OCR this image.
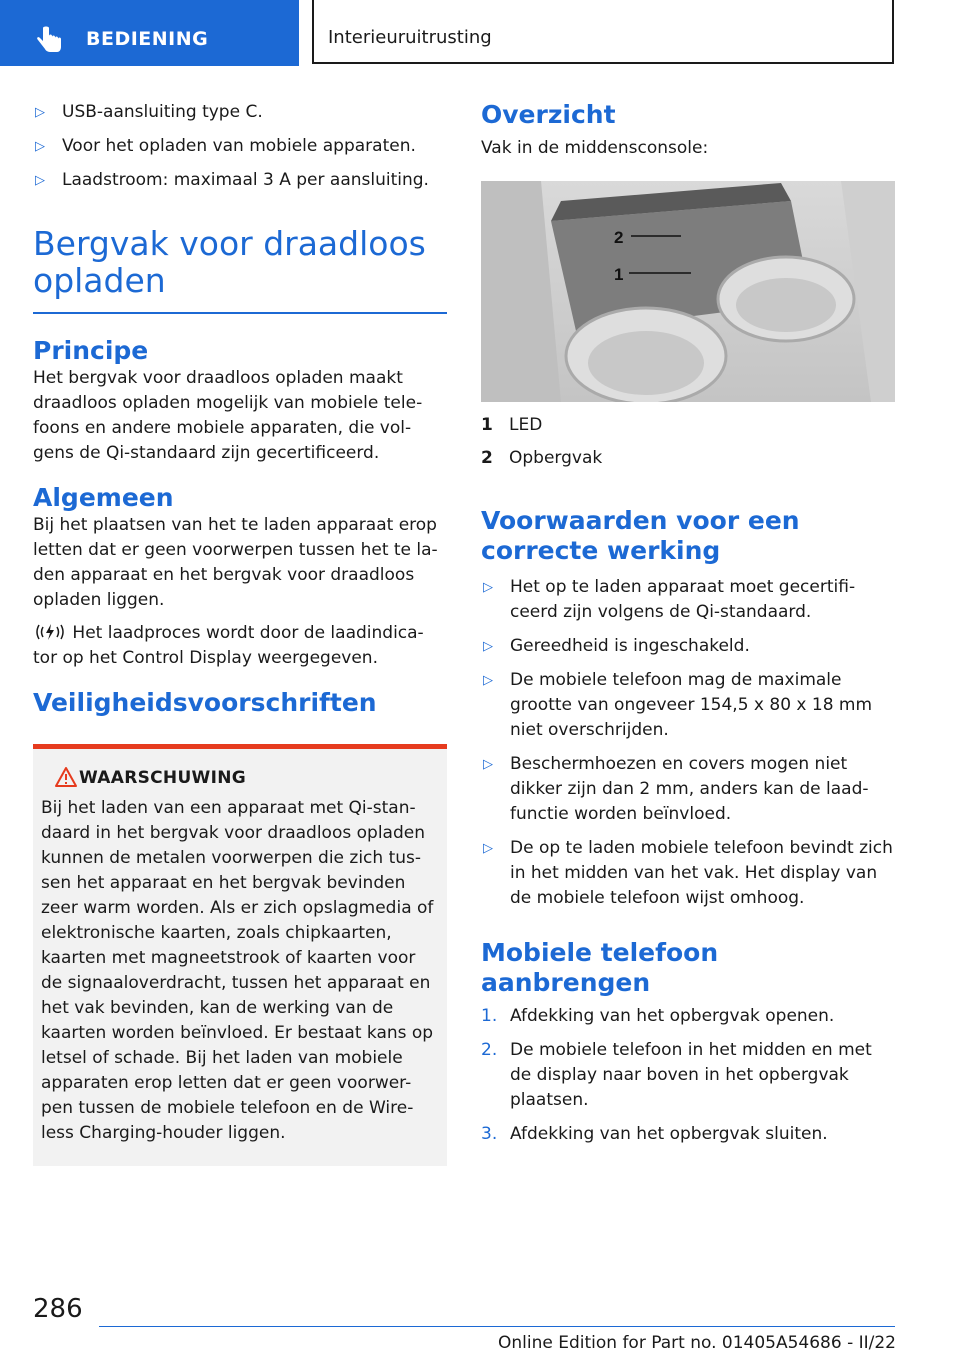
BEDIENING	Interieuruitrusting
▷ USB-aansluiting type C.
▷ Voor het opladen van mobiele apparaten.
▷ Laadstroom: maximaal 3 A per aansluiting.
Bergvak voor draadloos opladen
Principe

Het bergvak voor draadloos opladen maakt draadloos opladen mogelijk van mobiele tele-foons en andere mobiele apparaten, die vol-gens de Qi-standaard zijn gecertificeerd.

Algemeen

Bij het plaatsen van het te laden apparaat erop letten dat er geen voorwerpen tussen het te la-den apparaat en het bergvak voor draadloos opladen liggen.

Het laadproces wordt door de laadindica-tor op het Control Display weergegeven.

Veiligheidsvoorschriften
WAARSCHUWING

Bij het laden van een apparaat met Qi-stan-daard in het bergvak voor draadloos opladen kunnen de metalen voorwerpen die zich tus-sen het apparaat en het bergvak bevinden zeer warm worden. Als er zich opslagmedia of elektronische kaarten, zoals chipkaarten, kaarten met magneetstrook of kaarten voor de signaaloverdracht, tussen het apparaat en het vak bevinden, kan de werking van de kaarten worden beïnvloed. Er bestaat kans op letsel of schade. Bij het laden van mobiele apparaten erop letten dat er geen voorwer-pen tussen de mobiele telefoon en de Wire-less Charging-houder liggen.

Overzicht

Vak in de middensconsole:

2
1
1 LED
2 Opbergvak
Voorwaarden voor een correcte werking
▷ Het op te laden apparaat moet gecertifi-ceerd zijn volgens de Qi-standaard.
▷ Gereedheid is ingeschakeld.
▷ De mobiele telefoon mag de maximale grootte van ongeveer 154,5 x 80 x 18 mm niet overschrijden.
▷ Beschermhoezen en covers mogen niet dikker zijn dan 2 mm, anders kan de laad-functie worden beïnvloed.
▷ De op te laden mobiele telefoon bevindt zich in het midden van het vak. Het display van de mobiele telefoon wijst omhoog.
Mobiele telefoon aanbrengen
1. Afdekking van het opbergvak openen.
2. De mobiele telefoon in het midden en met de display naar boven in het opbergvak plaatsen.
3. Afdekking van het opbergvak sluiten.
286
Online Edition for Part no. 01405A54686 - II/22
